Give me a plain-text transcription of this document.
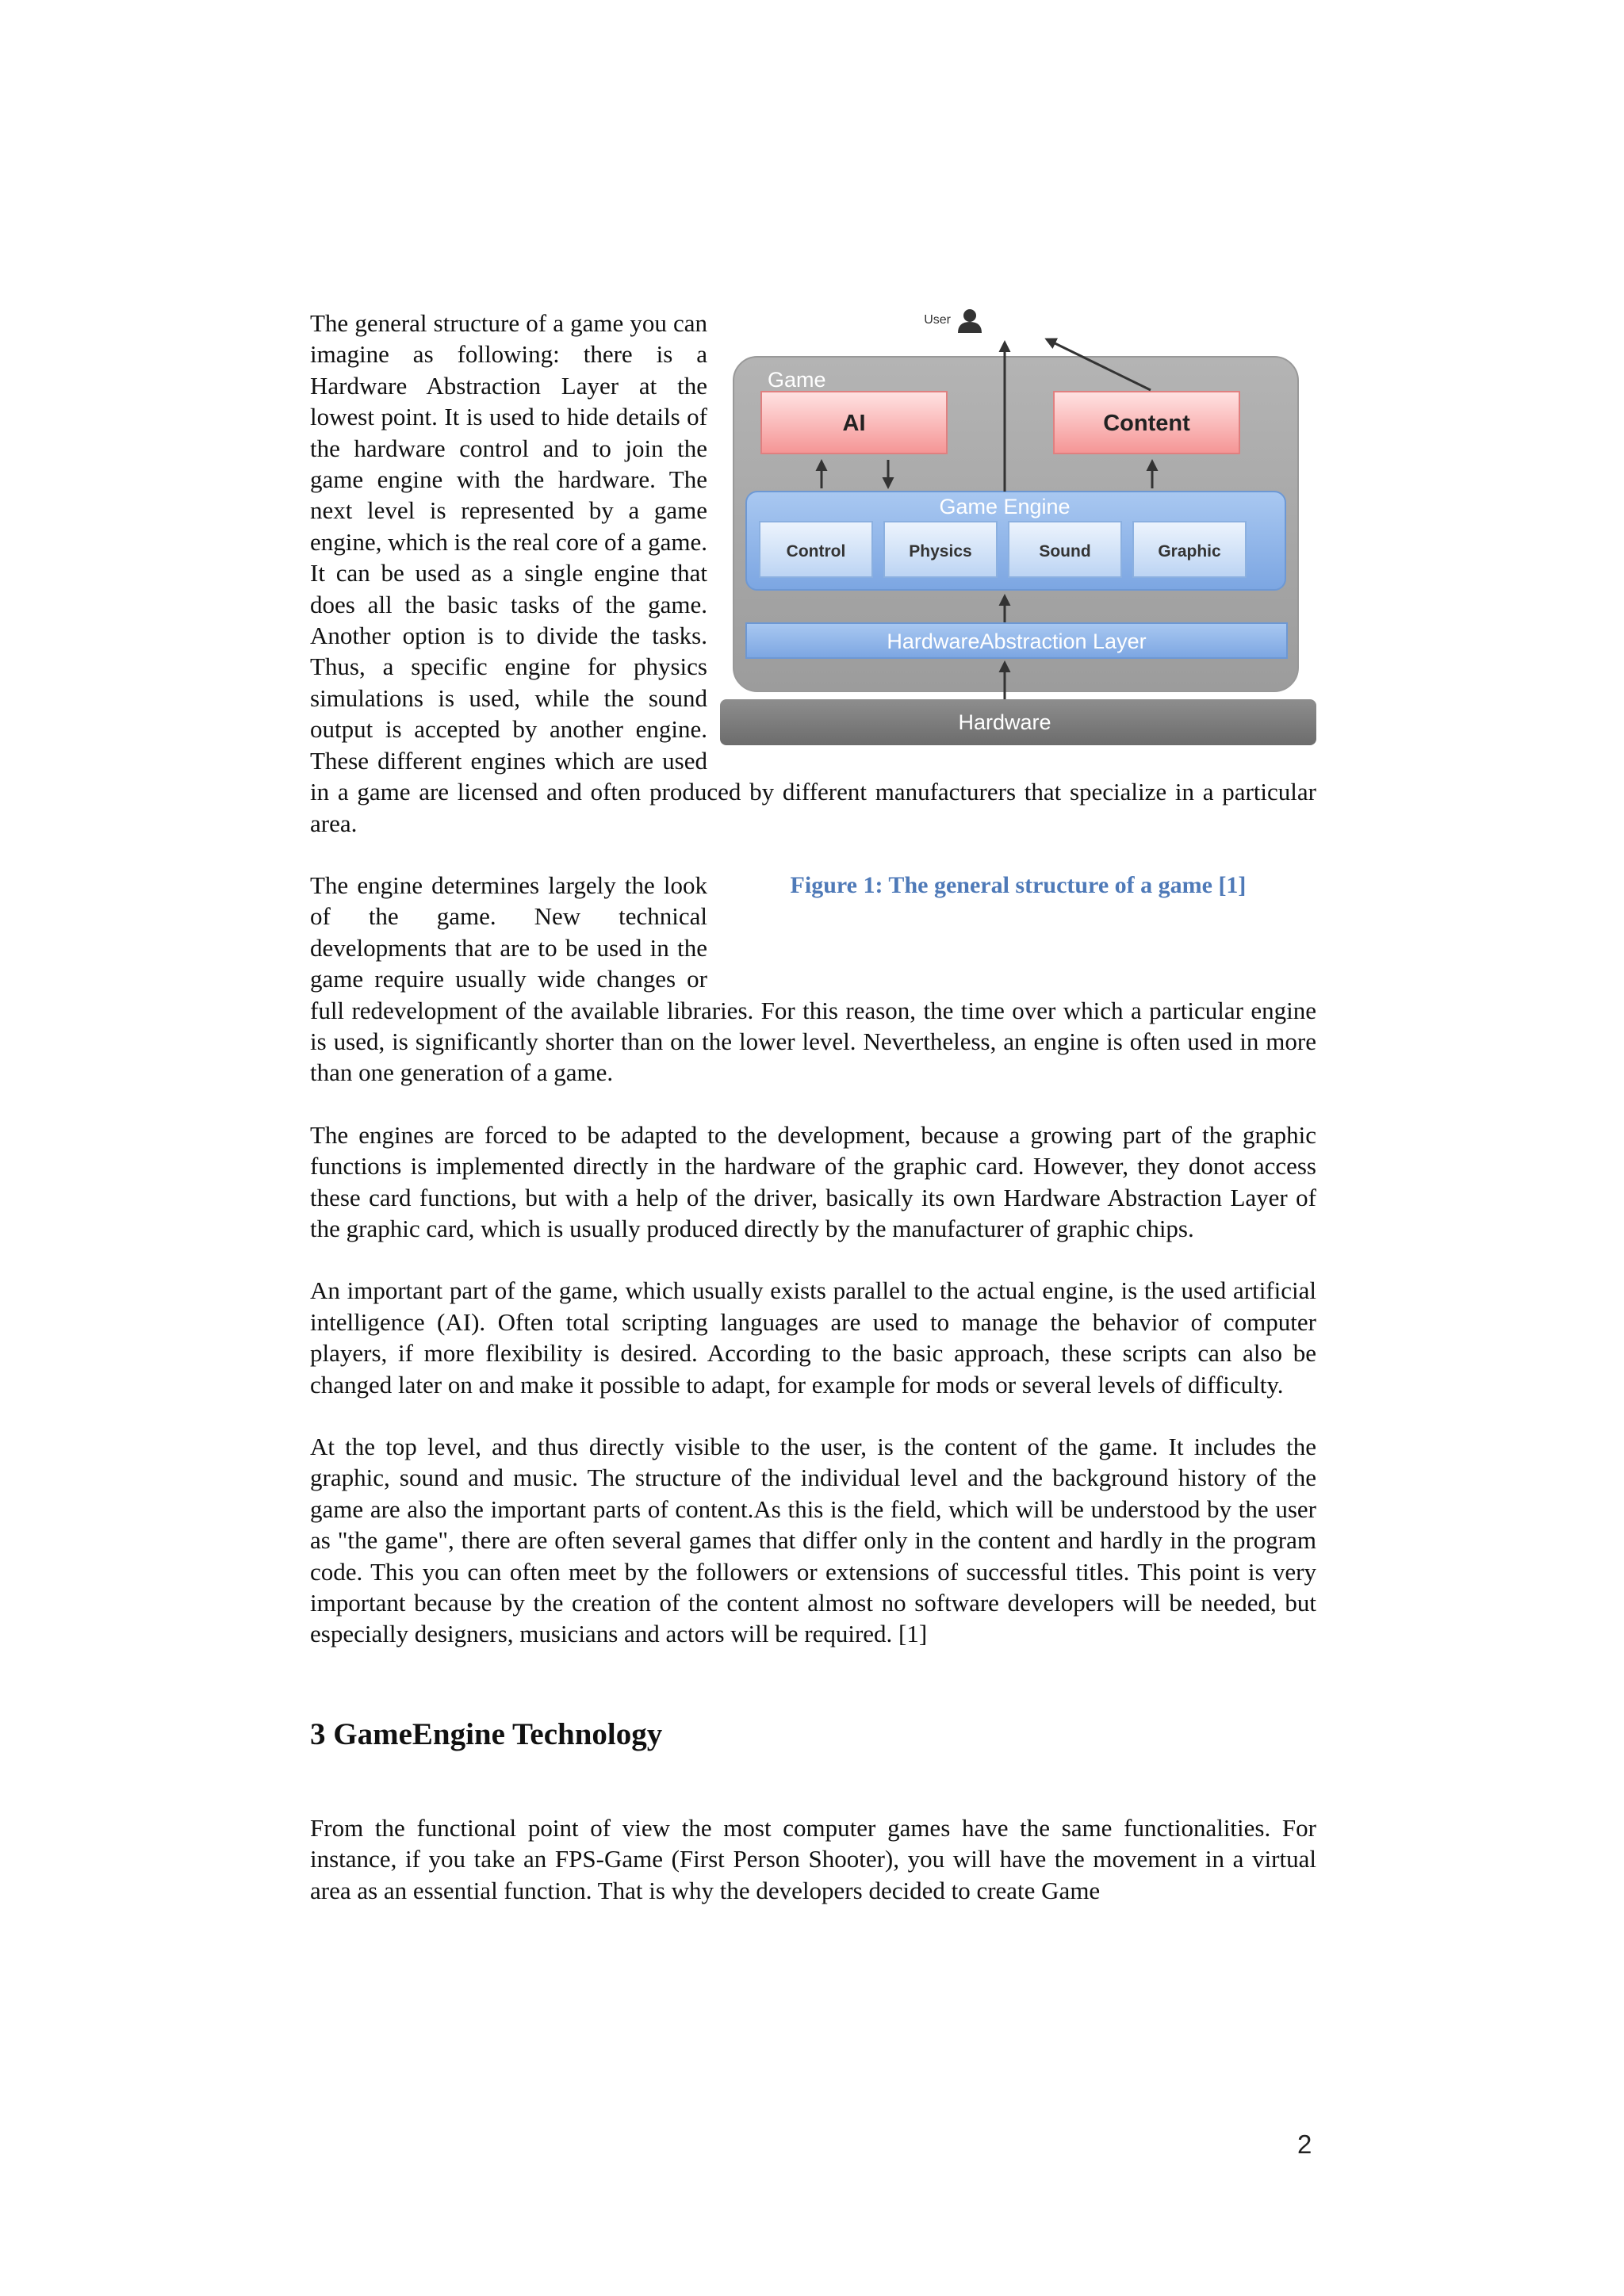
User
Game
AI	Content
Game Engine
Control	Physics	Sound	Graphic
HardwareAbstraction Layer
Hardware

The general structure of a game you can imagine as following: there is a Hardware Abstraction Layer at the lowest point. It is used to hide details of the hardware control and to join the game engine with the hardware. The next level is represented by a game engine, which is the real core of a game. It can be used as a single engine that does all the basic tasks of the game. Another option is to divide the tasks. Thus, a specific engine for physics simulations is used, while the sound output is accepted by another engine. These different engines which are used in a game are licensed and often produced by different manufacturers that specialize in a particular area.

Figure 1: The general structure of a game [1]

The engine determines largely the look of the game. New technical developments that are to be used in the game require usually wide changes or full redevelopment of the available libraries. For this reason, the time over which a particular engine is used, is significantly shorter than on the lower level. Nevertheless, an engine is often used in more than one generation of a game.

The engines are forced to be adapted to the development, because a growing part of the graphic functions is implemented directly in the hardware of the graphic card. However, they donot access these card functions, but with a help of the driver, basically its own Hardware Abstraction Layer of the graphic card, which is usually produced directly by the manufacturer of graphic chips.

An important part of the game, which usually exists parallel to the actual engine, is the used artificial intelligence (AI). Often total scripting languages are used to manage the behavior of computer players, if more flexibility is desired. According to the basic approach, these scripts can also be changed later on and make it possible to adapt, for example for mods or several levels of difficulty.

At the top level, and thus directly visible to the user, is the content of the game. It includes the graphic, sound and music. The structure of the individual level and the background history of the game are also the important parts of content.As this is the field, which will be understood by the user as "the game", there are often several games that differ only in the content and hardly in the program code. This you can often meet by the followers or extensions of successful titles. This point is very important because by the creation of the content almost no software developers will be needed, but especially designers, musicians and actors will be required. [1]

3 GameEngine Technology

From the functional point of view the most computer games have the same functionalities. For instance, if you take an FPS-Game (First Person Shooter), you will have the movement in a virtual area as an essential function. That is why the developers decided to create Game

2
